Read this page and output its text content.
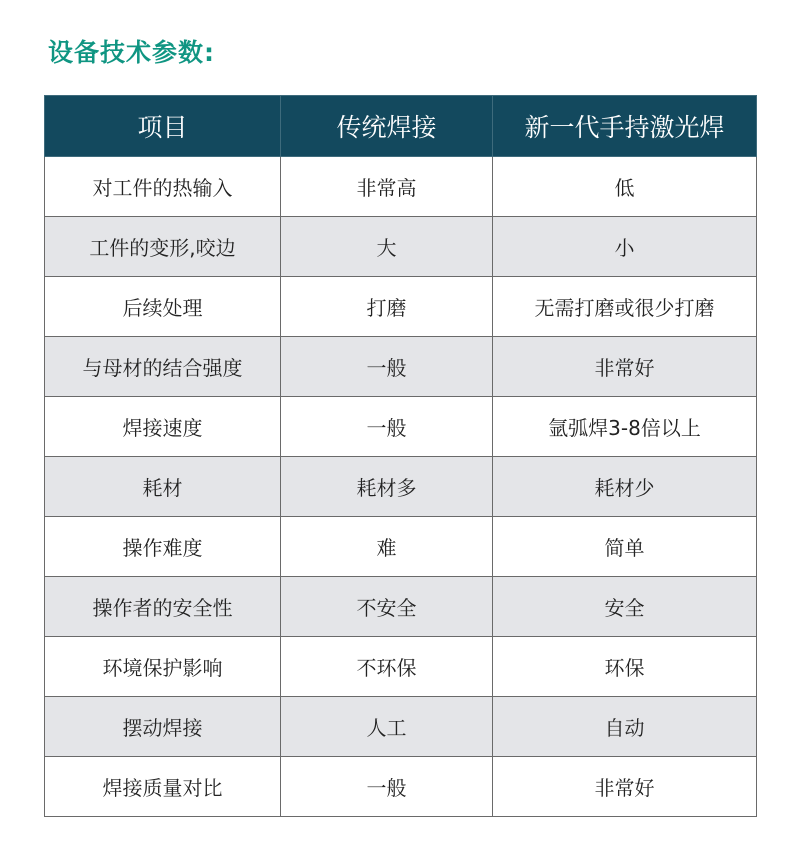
设备技术参数:
项目	传统焊接	新一代手持激光焊
对工件的热输入	非常高	低
工件的变形,咬边	大	小
后续处理	打磨	无需打磨或很少打磨
与母材的结合强度	一般	非常好
焊接速度	一般	氩弧焊3-8倍以上
耗材	耗材多	耗材少
操作难度	难	简单
操作者的安全性	不安全	安全
环境保护影响	不环保	环保
摆动焊接	人工	自动
焊接质量对比	一般	非常好
